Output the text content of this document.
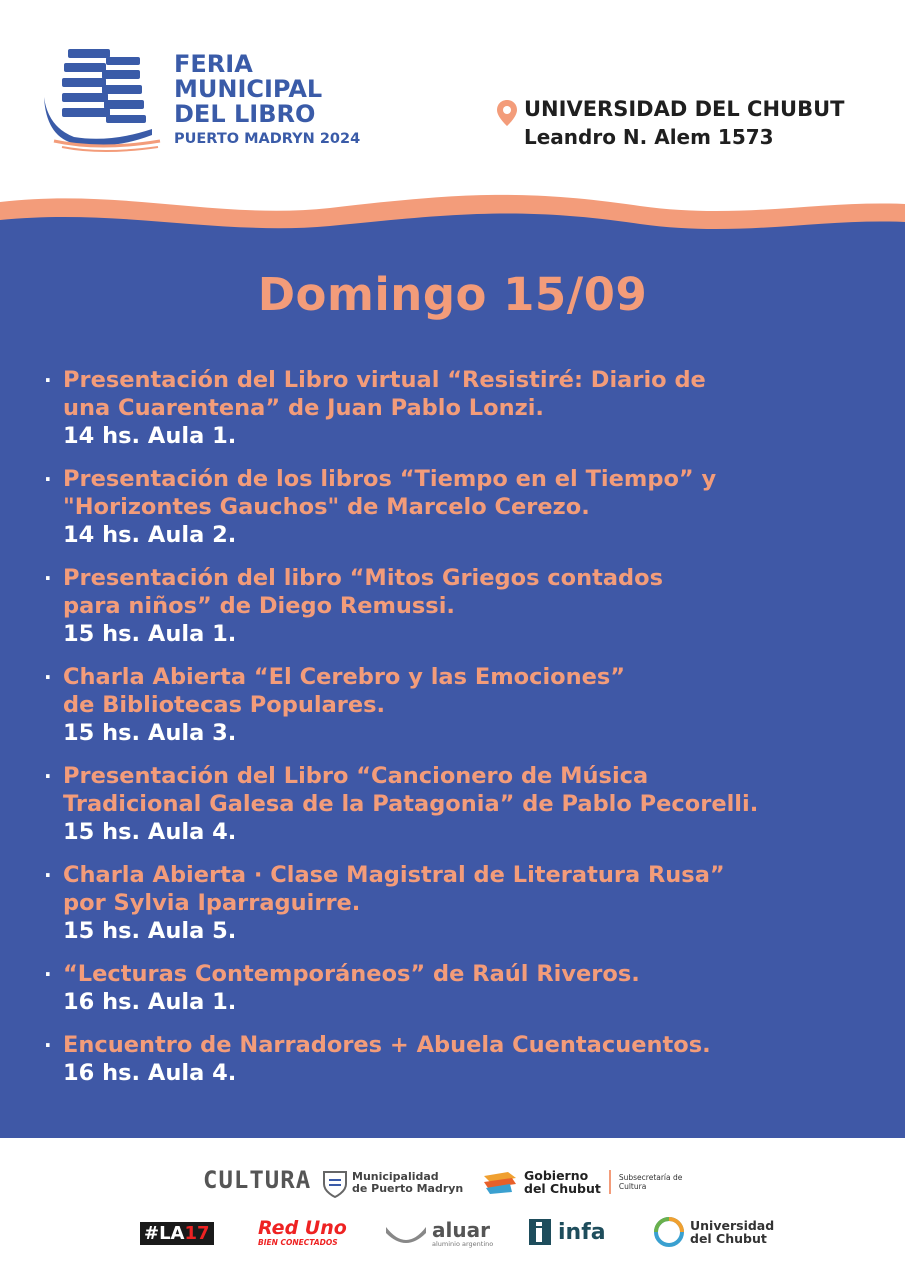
FERIA
MUNICIPAL
DEL LIBRO
PUERTO MADRYN 2024
UNIVERSIDAD DEL CHUBUT
Leandro N. Alem 1573
Domingo 15/09
· Presentación del Libro virtual “Resistiré: Diario de
una Cuarentena” de Juan Pablo Lonzi.
14 hs. Aula 1.
· Presentación de los libros “Tiempo en el Tiempo” y
"Horizontes Gauchos" de Marcelo Cerezo.
14 hs. Aula 2.
· Presentación del libro “Mitos Griegos contados
para niños” de Diego Remussi.
15 hs. Aula 1.
· Charla Abierta “El Cerebro y las Emociones”
de Bibliotecas Populares.
15 hs. Aula 3.
· Presentación del Libro “Cancionero de Música
Tradicional Galesa de la Patagonia” de Pablo Pecorelli.
15 hs. Aula 4.
· Charla Abierta · Clase Magistral de Literatura Rusa”
por Sylvia Iparraguirre.
15 hs. Aula 5.
· “Lecturas Contemporáneos” de Raúl Riveros.
16 hs. Aula 1.
· Encuentro de Narradores + Abuela Cuentacuentos.
16 hs. Aula 4.
CULTURA	Municipalidad
de Puerto Madryn
Gobierno
del Chubut
Subsecretaría de
Cultura
#LA 17	Red Uno
BIEN CONECTADOS
aluar
aluminio argentino	infa	Universidad
del Chubut
